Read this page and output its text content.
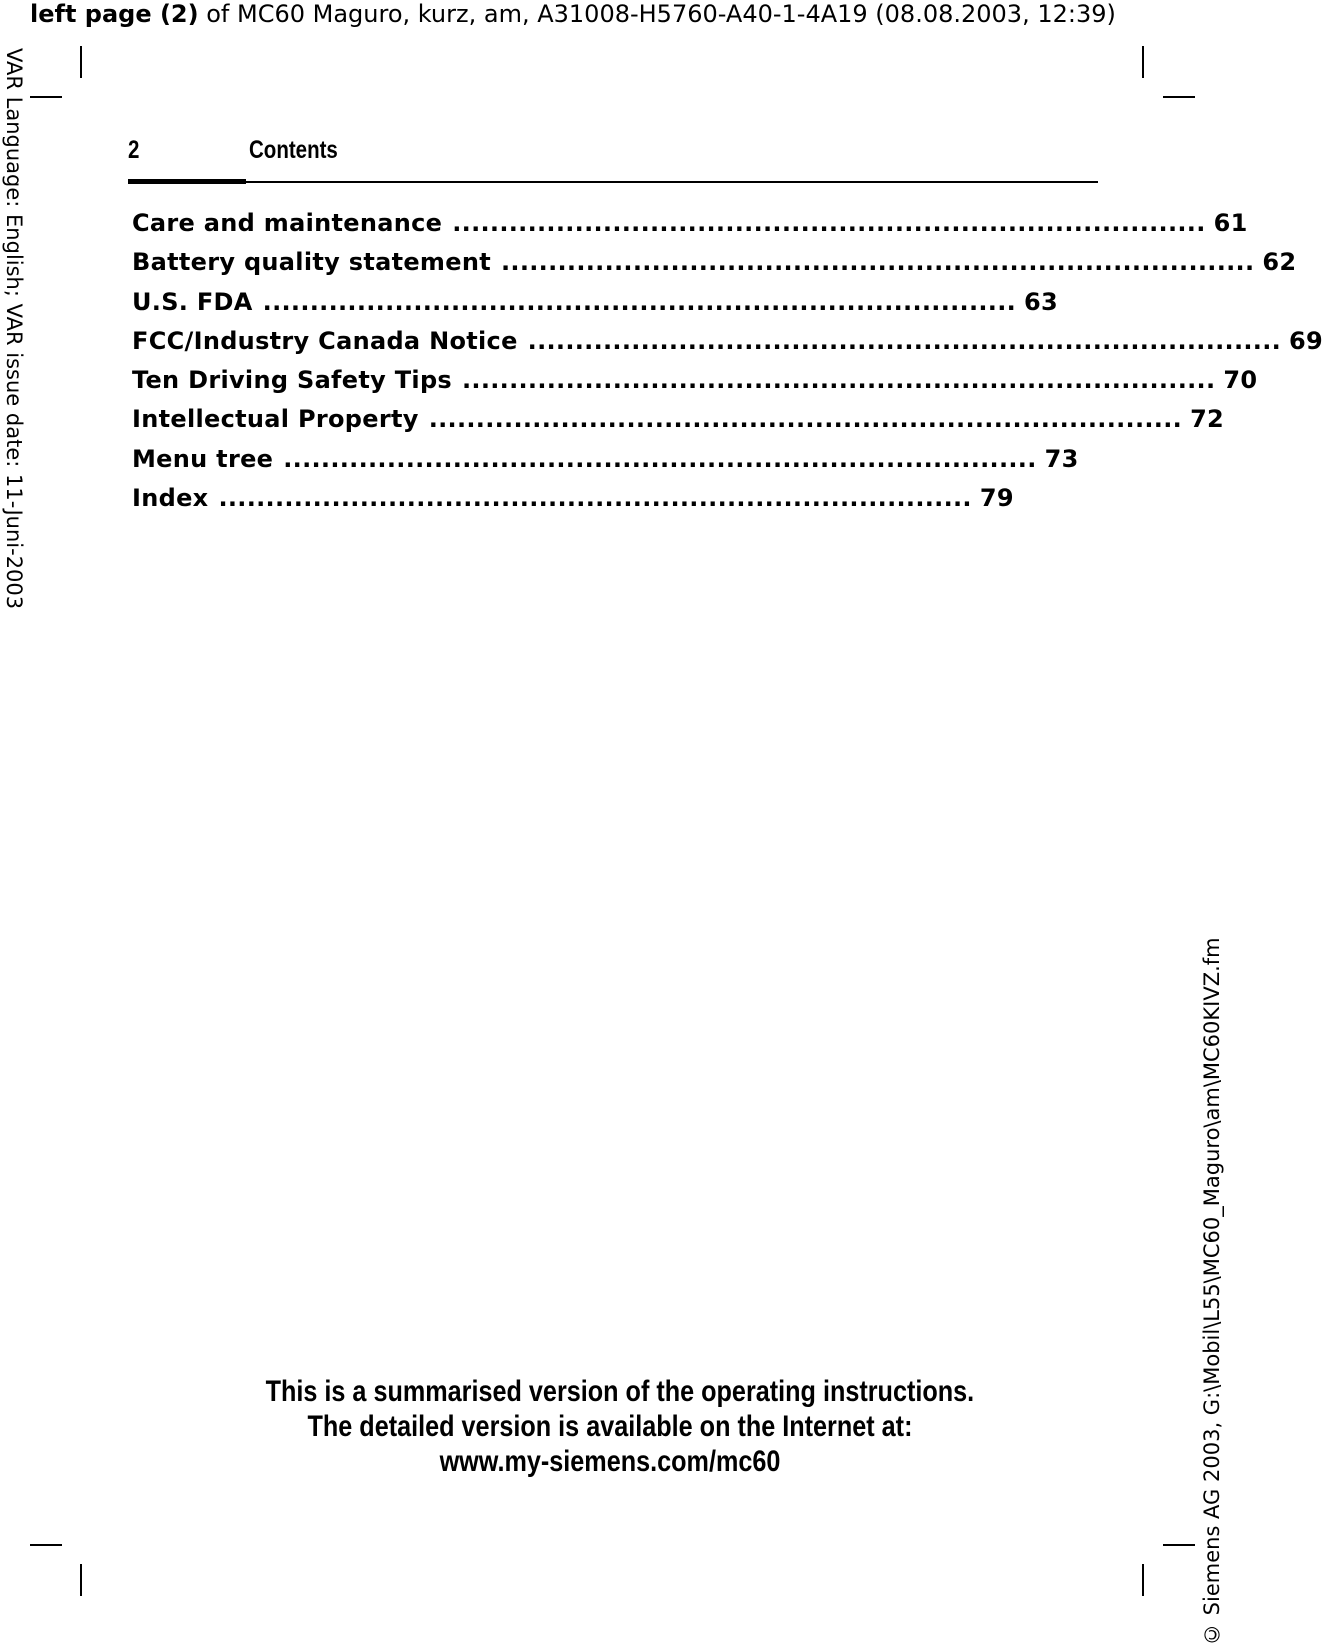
left page (2) of MC60 Maguro, kurz, am, A31008-H5760-A40-1-4A19 (08.08.2003, 12:39)
VAR Language: English; VAR issue date: 11-Juni-2003
© Siemens AG 2003, G:\Mobil\L55\MC60_Maguro\am\MC60KIVZ.fm
2	Contents
Care and maintenance ................................................................................ 61
Battery quality statement ................................................................................ 62
U.S. FDA ................................................................................ 63
FCC/Industry Canada Notice ................................................................................ 69
Ten Driving Safety Tips ................................................................................ 70
Intellectual Property ................................................................................ 72
Menu tree ................................................................................ 73
Index ................................................................................ 79
This is a summarised version of the operating instructions.
The detailed version is available on the Internet at:
www.my-siemens.com/mc60
